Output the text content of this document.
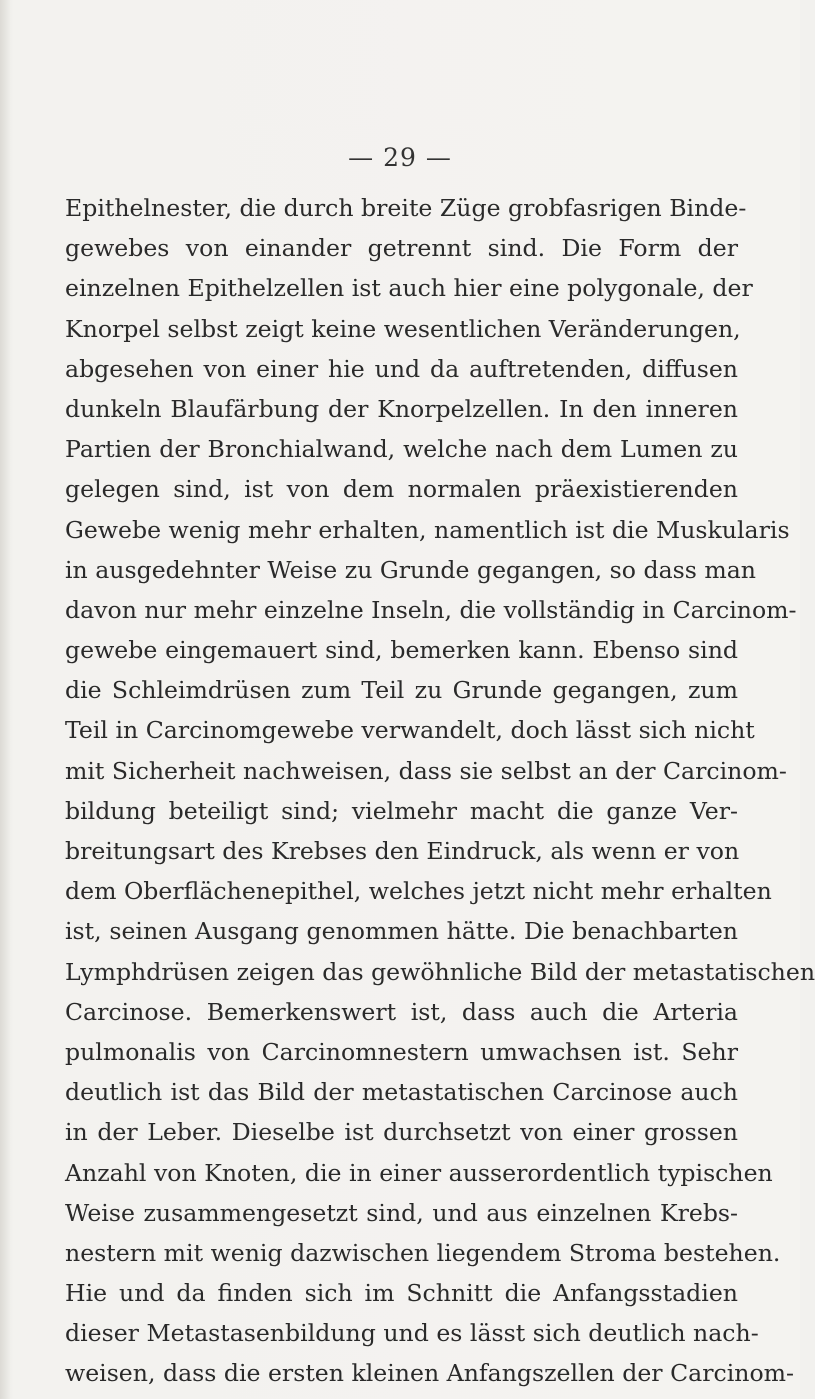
— 29 —
Epithelnester, die durch breite Züge grobfasrigen Binde-
gewebes von einander getrennt sind. Die Form der
einzelnen Epithelzellen ist auch hier eine polygonale, der
Knorpel selbst zeigt keine wesentlichen Veränderungen,
abgesehen von einer hie und da auftretenden, diffusen
dunkeln Blaufärbung der Knorpelzellen. In den inneren
Partien der Bronchialwand, welche nach dem Lumen zu
gelegen sind, ist von dem normalen präexistierenden
Gewebe wenig mehr erhalten, namentlich ist die Muskularis
in ausgedehnter Weise zu Grunde gegangen, so dass man
davon nur mehr einzelne Inseln, die vollständig in Carcinom-
gewebe eingemauert sind, bemerken kann. Ebenso sind
die Schleimdrüsen zum Teil zu Grunde gegangen, zum
Teil in Carcinomgewebe verwandelt, doch lässt sich nicht
mit Sicherheit nachweisen, dass sie selbst an der Carcinom-
bildung beteiligt sind; vielmehr macht die ganze Ver-
breitungsart des Krebses den Eindruck, als wenn er von
dem Oberflächenepithel, welches jetzt nicht mehr erhalten
ist, seinen Ausgang genommen hätte. Die benachbarten
Lymphdrüsen zeigen das gewöhnliche Bild der metastatischen
Carcinose. Bemerkenswert ist, dass auch die Arteria
pulmonalis von Carcinomnestern umwachsen ist. Sehr
deutlich ist das Bild der metastatischen Carcinose auch
in der Leber. Dieselbe ist durchsetzt von einer grossen
Anzahl von Knoten, die in einer ausserordentlich typischen
Weise zusammengesetzt sind, und aus einzelnen Krebs-
nestern mit wenig dazwischen liegendem Stroma bestehen.
Hie und da finden sich im Schnitt die Anfangsstadien
dieser Metastasenbildung und es lässt sich deutlich nach-
weisen, dass die ersten kleinen Anfangszellen der Carcinom-
